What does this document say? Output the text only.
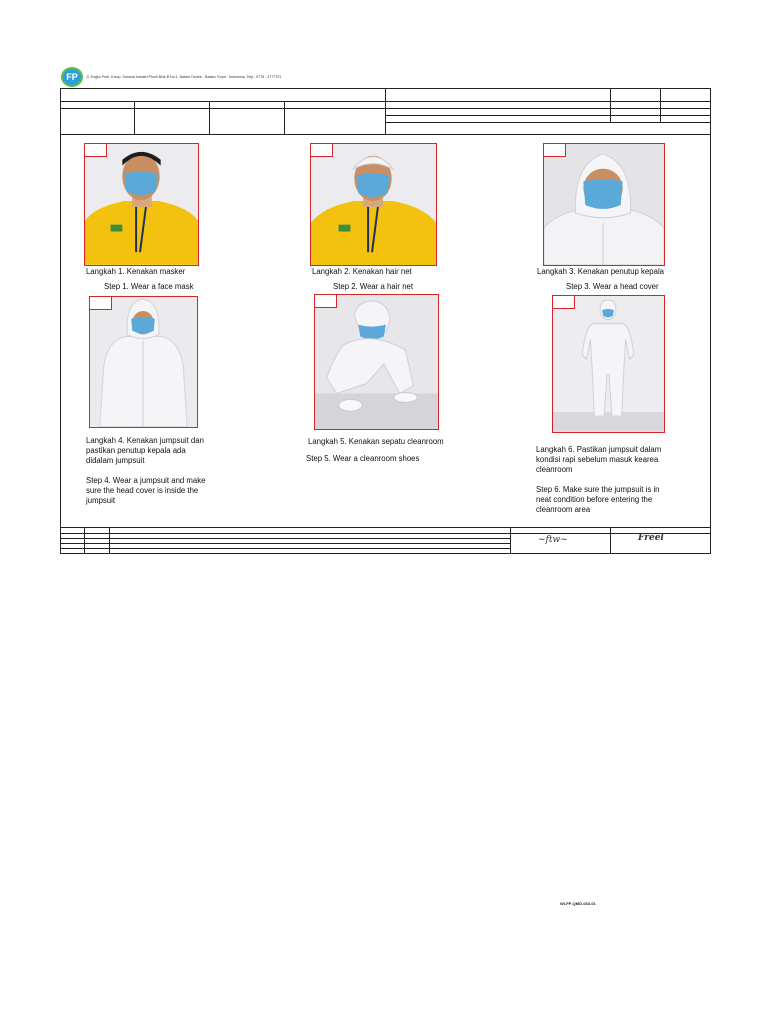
FP	Jl. Engku Putri, Komp. Susana Industri Phoril Blok B No.1, Batam Centre - Batam, Kepri - Indonesia, Telp : 0778 - 4777701
Langkah 1. Kenakan masker
Step 1. Wear a face mask
Langkah 2. Kenakan hair net
Step 2. Wear a hair net
Langkah 3. Kenakan penutup kepala
Step 3. Wear a head cover
Langkah 4. Kenakan jumpsuit dan pastikan penutup kepala ada didalam jumpsuit
Step 4. Wear a jumpsuit and make sure the head cover is inside the jumpsuit
Langkah 5. Kenakan sepatu cleanroom
Step 5. Wear a cleanroom shoes
Langkah 6. Pastikan jumpsuit dalam kondisi rapi sebelum masuk kearea cleanroom
Step 6. Make sure the jumpsuit is in neat condition before entering the cleanroom area
~ftw~	Freel
WI-FP-QMD-033-01
